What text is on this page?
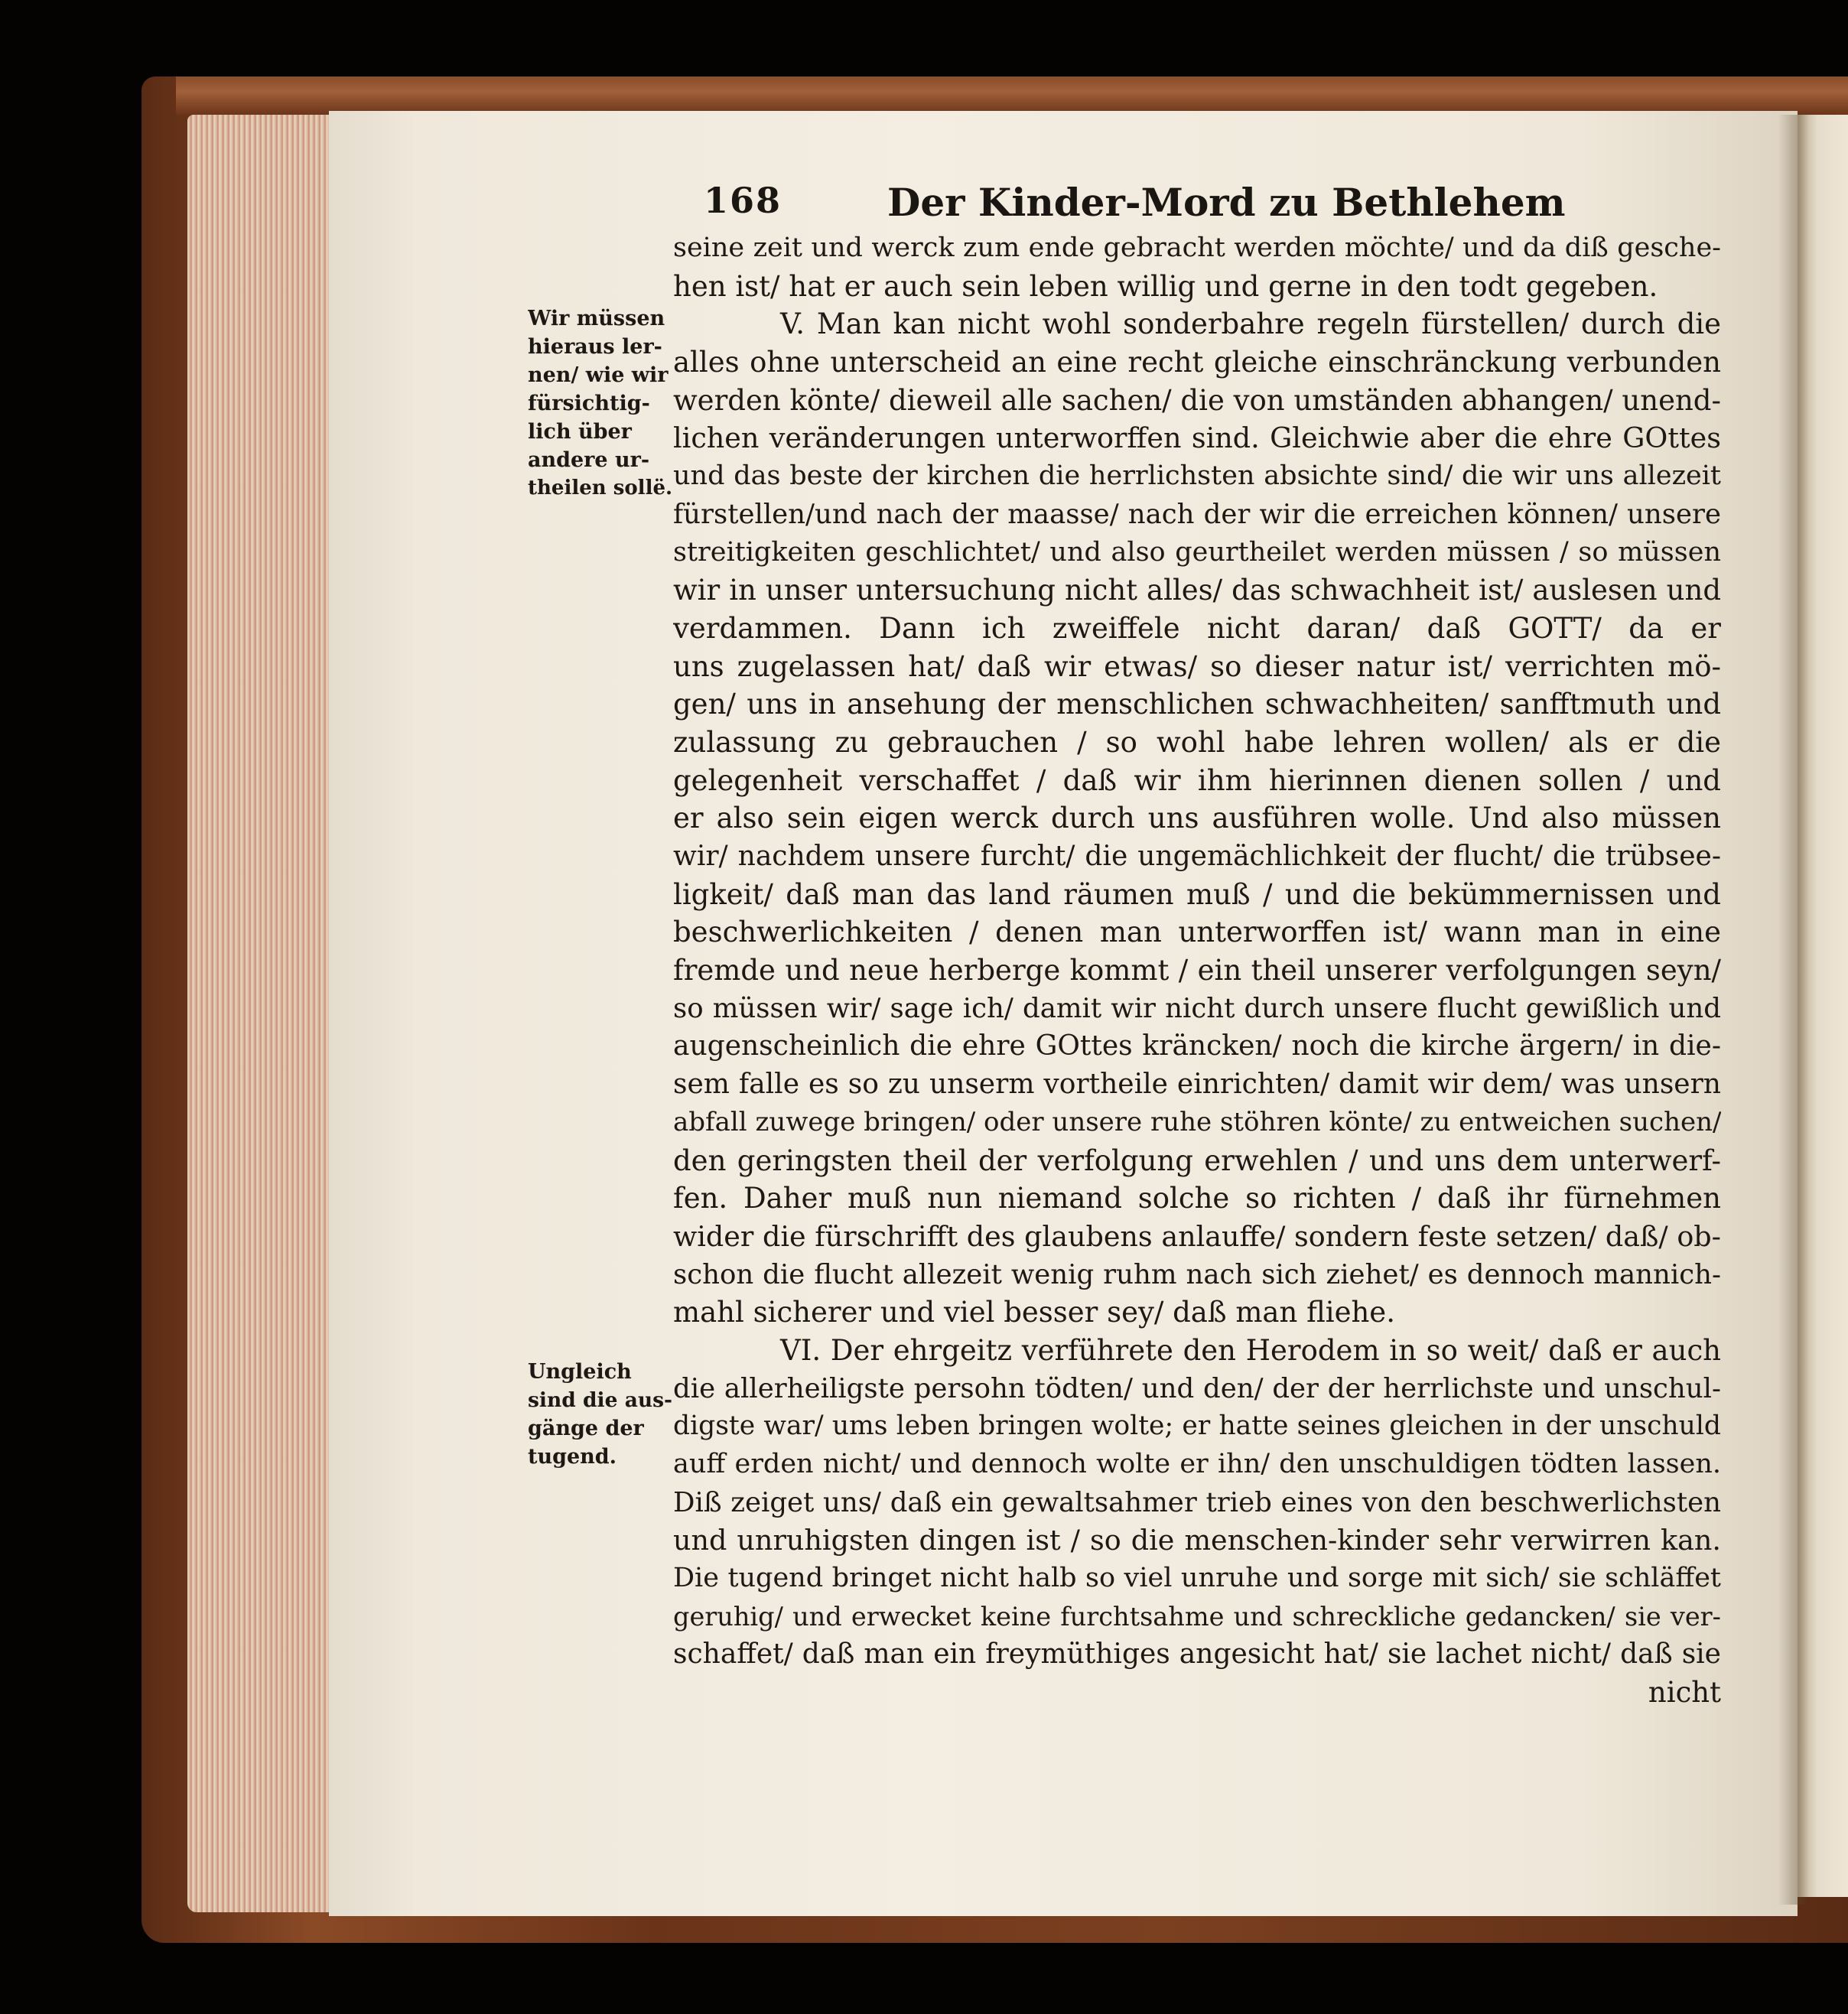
168	Der Kinder-Mord zu Bethlehem
Wir müssen
hieraus ler-
nen/ wie wir
fürsichtig-
lich über
andere ur-
theilen sollë.
Ungleich
sind die aus-
gänge der
tugend.
seine zeit und werck zum ende gebracht werden möchte/ und da diß gesche-
hen ist/ hat er auch sein leben willig und gerne in den todt gegeben.
V. Man kan nicht wohl sonderbahre regeln fürstellen/ durch die
alles ohne unterscheid an eine recht gleiche einschränckung verbunden
werden könte/ dieweil alle sachen/ die von umständen abhangen/ unend-
lichen veränderungen unterworffen sind. Gleichwie aber die ehre GOttes
und das beste der kirchen die herrlichsten absichte sind/ die wir uns allezeit
fürstellen/und nach der maasse/ nach der wir die erreichen können/ unsere
streitigkeiten geschlichtet/ und also geurtheilet werden müssen / so müssen
wir in unser untersuchung nicht alles/ das schwachheit ist/ auslesen und
verdammen. Dann ich zweiffele nicht daran/ daß GOTT/ da er
uns zugelassen hat/ daß wir etwas/ so dieser natur ist/ verrichten mö-
gen/ uns in ansehung der menschlichen schwachheiten/ sanfftmuth und
zulassung zu gebrauchen / so wohl habe lehren wollen/ als er die
gelegenheit verschaffet / daß wir ihm hierinnen dienen sollen / und
er also sein eigen werck durch uns ausführen wolle. Und also müssen
wir/ nachdem unsere furcht/ die ungemächlichkeit der flucht/ die trübsee-
ligkeit/ daß man das land räumen muß / und die bekümmernissen und
beschwerlichkeiten / denen man unterworffen ist/ wann man in eine
fremde und neue herberge kommt / ein theil unserer verfolgungen seyn/
so müssen wir/ sage ich/ damit wir nicht durch unsere flucht gewißlich und
augenscheinlich die ehre GOttes kräncken/ noch die kirche ärgern/ in die-
sem falle es so zu unserm vortheile einrichten/ damit wir dem/ was unsern
abfall zuwege bringen/ oder unsere ruhe stöhren könte/ zu entweichen suchen/
den geringsten theil der verfolgung erwehlen / und uns dem unterwerf-
fen. Daher muß nun niemand solche so richten / daß ihr fürnehmen
wider die fürschrifft des glaubens anlauffe/ sondern feste setzen/ daß/ ob-
schon die flucht allezeit wenig ruhm nach sich ziehet/ es dennoch mannich-
mahl sicherer und viel besser sey/ daß man fliehe.
VI. Der ehrgeitz verführete den Herodem in so weit/ daß er auch
die allerheiligste persohn tödten/ und den/ der der herrlichste und unschul-
digste war/ ums leben bringen wolte; er hatte seines gleichen in der unschuld
auff erden nicht/ und dennoch wolte er ihn/ den unschuldigen tödten lassen.
Diß zeiget uns/ daß ein gewaltsahmer trieb eines von den beschwerlichsten
und unruhigsten dingen ist / so die menschen-kinder sehr verwirren kan.
Die tugend bringet nicht halb so viel unruhe und sorge mit sich/ sie schläffet
geruhig/ und erwecket keine furchtsahme und schreckliche gedancken/ sie ver-
schaffet/ daß man ein freymüthiges angesicht hat/ sie lachet nicht/ daß sie
nicht
